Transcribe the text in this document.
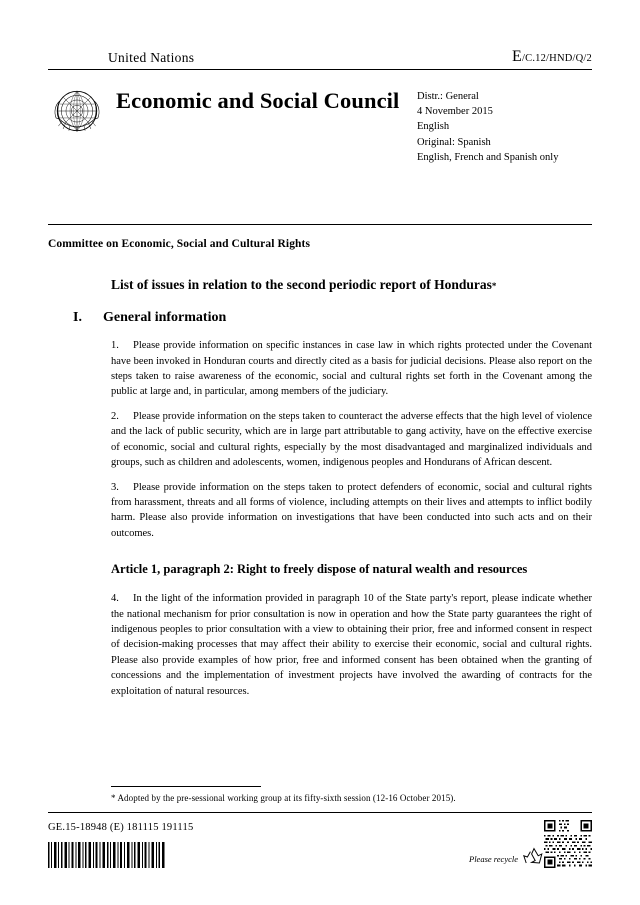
United Nations	E/C.12/HND/Q/2
Economic and Social Council	Distr.: General
4 November 2015
English
Original: Spanish
English, French and Spanish only
Committee on Economic, Social and Cultural Rights
List of issues in relation to the second periodic report of Honduras*
I.	General information

1. Please provide information on specific instances in case law in which rights protected under the Covenant have been invoked in Honduran courts and directly cited as a basis for judicial decisions. Please also report on the steps taken to raise awareness of the economic, social and cultural rights set forth in the Covenant among the public at large and, in particular, among members of the judiciary.

2. Please provide information on the steps taken to counteract the adverse effects that the high level of violence and the lack of public security, which are in large part attributable to gang activity, have on the effective exercise of economic, social and cultural rights, especially by the most disadvantaged and marginalized individuals and groups, such as children and adolescents, women, indigenous peoples and Hondurans of African descent.

3. Please provide information on the steps taken to protect defenders of economic, social and cultural rights from harassment, threats and all forms of violence, including attempts on their lives and attempts to inflict bodily harm. Please also provide information on investigations that have been conducted into such acts and on their outcomes.

Article 1, paragraph 2: Right to freely dispose of natural wealth and resources

4. In the light of the information provided in paragraph 10 of the State party's report, please indicate whether the national mechanism for prior consultation is now in operation and how the State party guarantees the right of indigenous peoples to prior consultation with a view to obtaining their prior, free and informed consent in respect of decision-making processes that may affect their ability to exercise their economic, social and cultural rights. Please also provide examples of how prior, free and informed consent has been obtained when the granting of concessions and the implementation of investment projects have involved the awarding of contracts for the exploitation of natural resources.

* Adopted by the pre-sessional working group at its fifty-sixth session (12-16 October 2015).
GE.15-18948 (E) 181115 191115
Please recycle
